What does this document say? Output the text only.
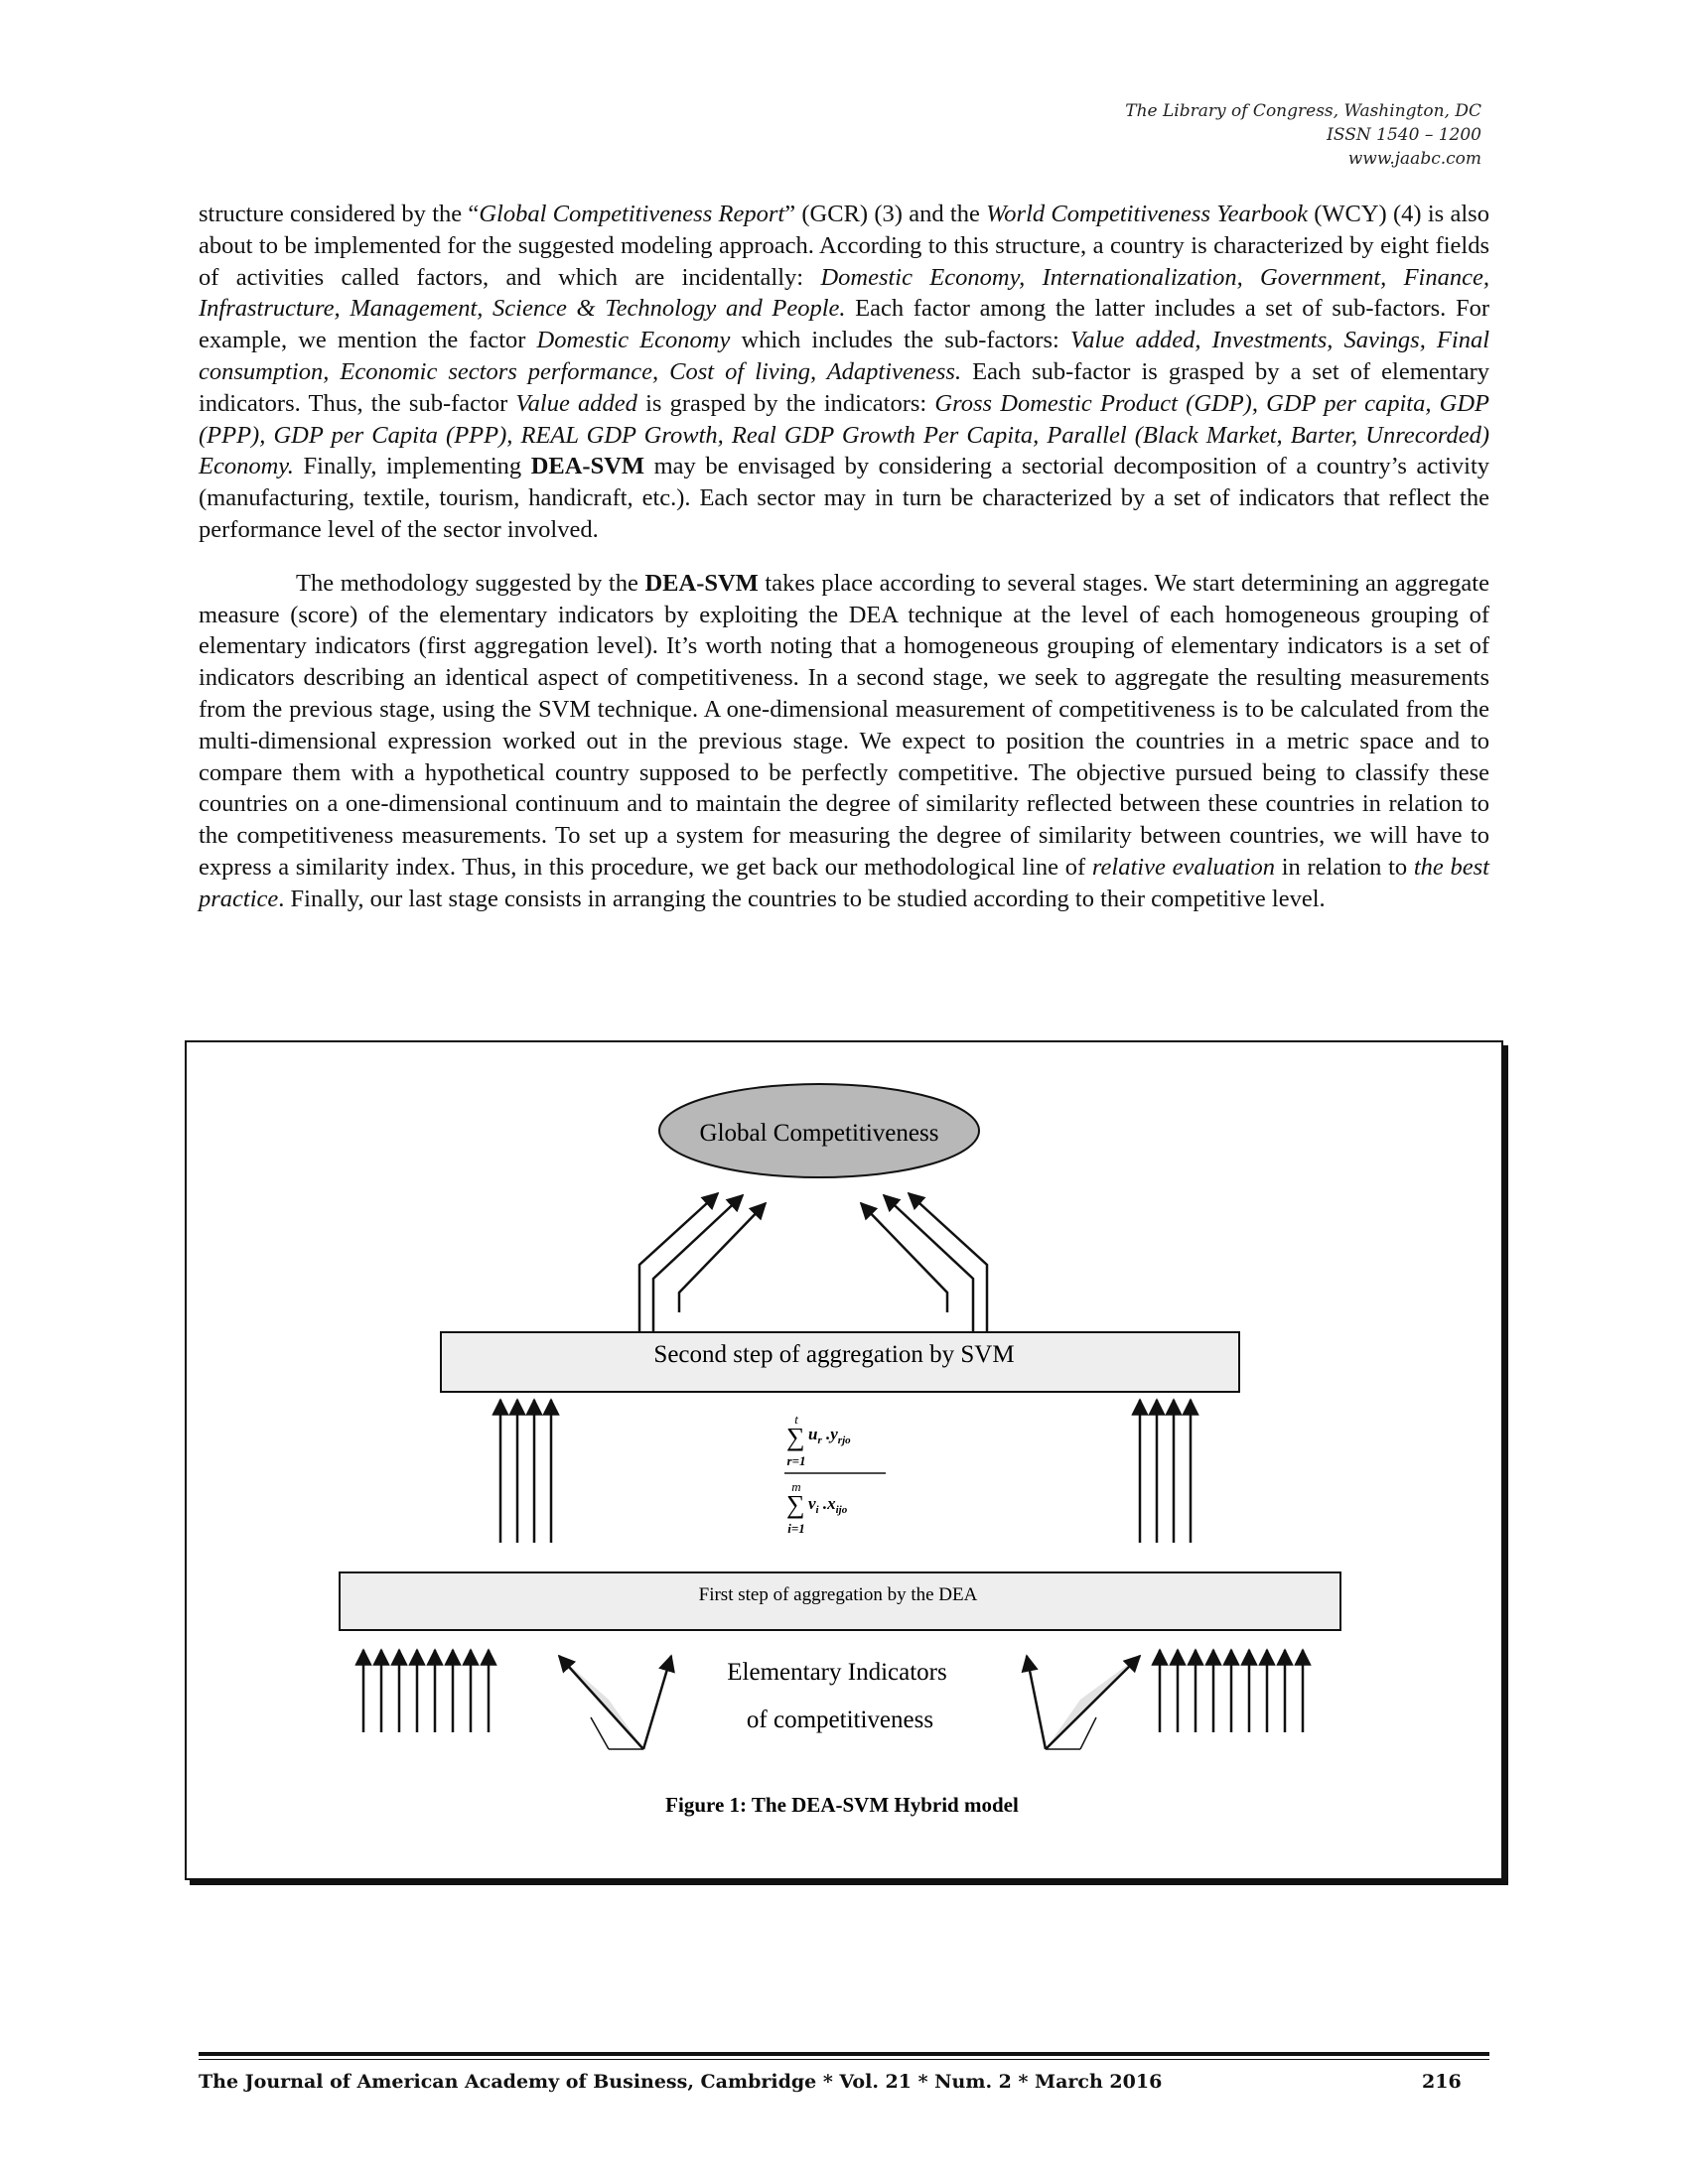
The Library of Congress, Washington, DC
ISSN 1540 – 1200
www.jaabc.com

structure considered by the “Global Competitiveness Report” (GCR) (3) and the World Competitiveness Yearbook (WCY) (4) is also about to be implemented for the suggested modeling approach. According to this structure, a country is characterized by eight fields of activities called factors, and which are incidentally: Domestic Economy, Internationalization, Government, Finance, Infrastructure, Management, Science & Technology and People. Each factor among the latter includes a set of sub-factors. For example, we mention the factor Domestic Economy which includes the sub-factors: Value added, Investments, Savings, Final consumption, Economic sectors performance, Cost of living, Adaptiveness. Each sub-factor is grasped by a set of elementary indicators. Thus, the sub-factor Value added is grasped by the indicators: Gross Domestic Product (GDP), GDP per capita, GDP (PPP), GDP per Capita (PPP), REAL GDP Growth, Real GDP Growth Per Capita, Parallel (Black Market, Barter, Unrecorded) Economy. Finally, implementing DEA-SVM may be envisaged by considering a sectorial decomposition of a country’s activity (manufacturing, textile, tourism, handicraft, etc.). Each sector may in turn be characterized by a set of indicators that reflect the performance level of the sector involved.

The methodology suggested by the DEA-SVM takes place according to several stages. We start determining an aggregate measure (score) of the elementary indicators by exploiting the DEA technique at the level of each homogeneous grouping of elementary indicators (first aggregation level). It’s worth noting that a homogeneous grouping of elementary indicators is a set of indicators describing an identical aspect of competitiveness. In a second stage, we seek to aggregate the resulting measurements from the previous stage, using the SVM technique. A one-dimensional measurement of competitiveness is to be calculated from the multi-dimensional expression worked out in the previous stage. We expect to position the countries in a metric space and to compare them with a hypothetical country supposed to be perfectly competitive. The objective pursued being to classify these countries on a one-dimensional continuum and to maintain the degree of similarity reflected between these countries in relation to the competitiveness measurements. To set up a system for measuring the degree of similarity between countries, we will have to express a similarity index. Thus, in this procedure, we get back our methodological line of relative evaluation in relation to the best practice. Finally, our last stage consists in arranging the countries to be studied according to their competitive level.

Global Competitiveness
Second step of aggregation by SVM
t
∑
r=1
$u_r$ $.y_{rjo}$
m
∑
i=1
$v_i$ $.x_{ijo}$
First step of aggregation by the DEA
Elementary Indicators
of competitiveness
Figure 1: The DEA-SVM Hybrid model
The Journal of American Academy of Business, Cambridge * Vol. 21 * Num. 2 * March 2016	216
